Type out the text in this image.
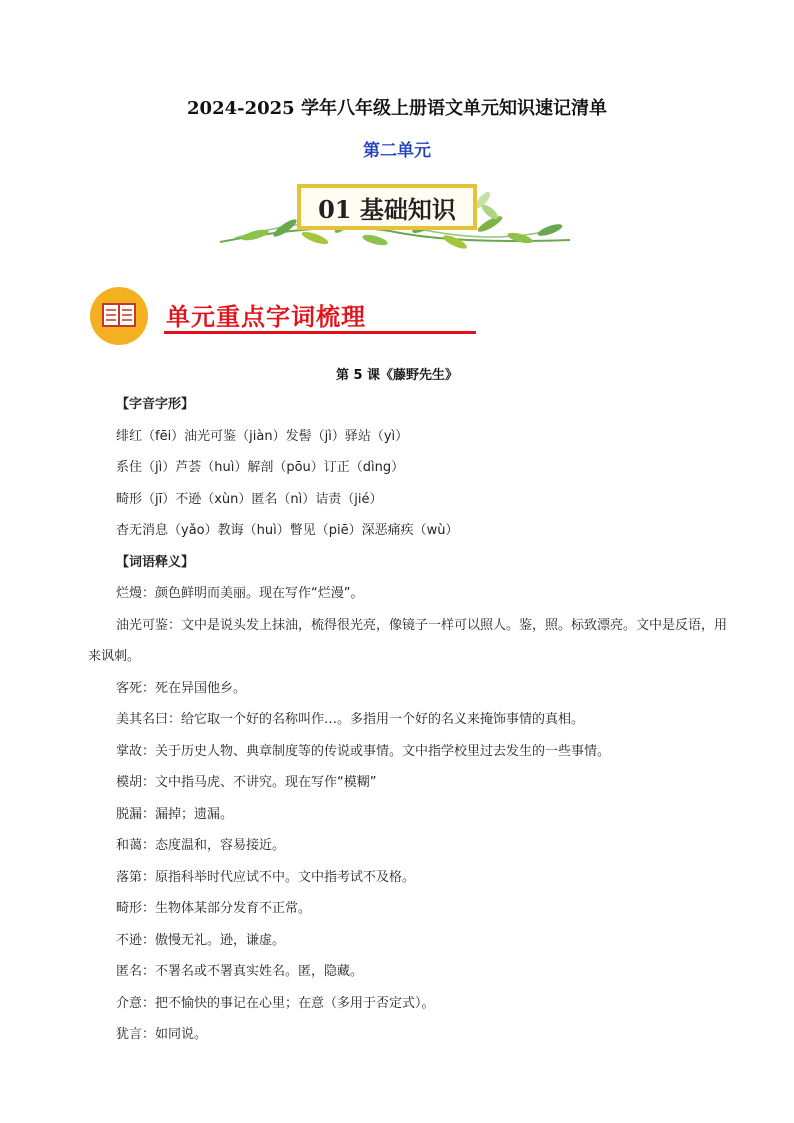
2024-2025 学年八年级上册语文单元知识速记清单
第二单元
01 基础知识
单元重点字词梳理
第 5 课《藤野先生》
【字音字形】
绯红（fēi）油光可鉴（jiàn）发髻（jì）驿站（yì）
系住（jì）芦荟（huì）解剖（pōu）订正（dìng）
畸形（jī）不逊（xùn）匿名（nì）诘责（jié）
杳无消息（yǎo）教诲（huì）瞥见（piē）深恶痛疾（wù）
【词语释义】
烂熳：颜色鲜明而美丽。现在写作“烂漫”。
油光可鉴：文中是说头发上抹油，梳得很光亮，像镜子一样可以照人。鉴，照。标致漂亮。文中是反语，用来讽刺。
客死：死在异国他乡。
美其名曰：给它取一个好的名称叫作…。多指用一个好的名义来掩饰事情的真相。
掌故：关于历史人物、典章制度等的传说或事情。文中指学校里过去发生的一些事情。
模胡：文中指马虎、不讲究。现在写作“模糊”
脱漏：漏掉；遗漏。
和蔼：态度温和，容易接近。
落第：原指科举时代应试不中。文中指考试不及格。
畸形：生物体某部分发育不正常。
不逊：傲慢无礼。逊，谦虚。
匿名：不署名或不署真实姓名。匿，隐藏。
介意：把不愉快的事记在心里；在意（多用于否定式）。
犹言：如同说。
